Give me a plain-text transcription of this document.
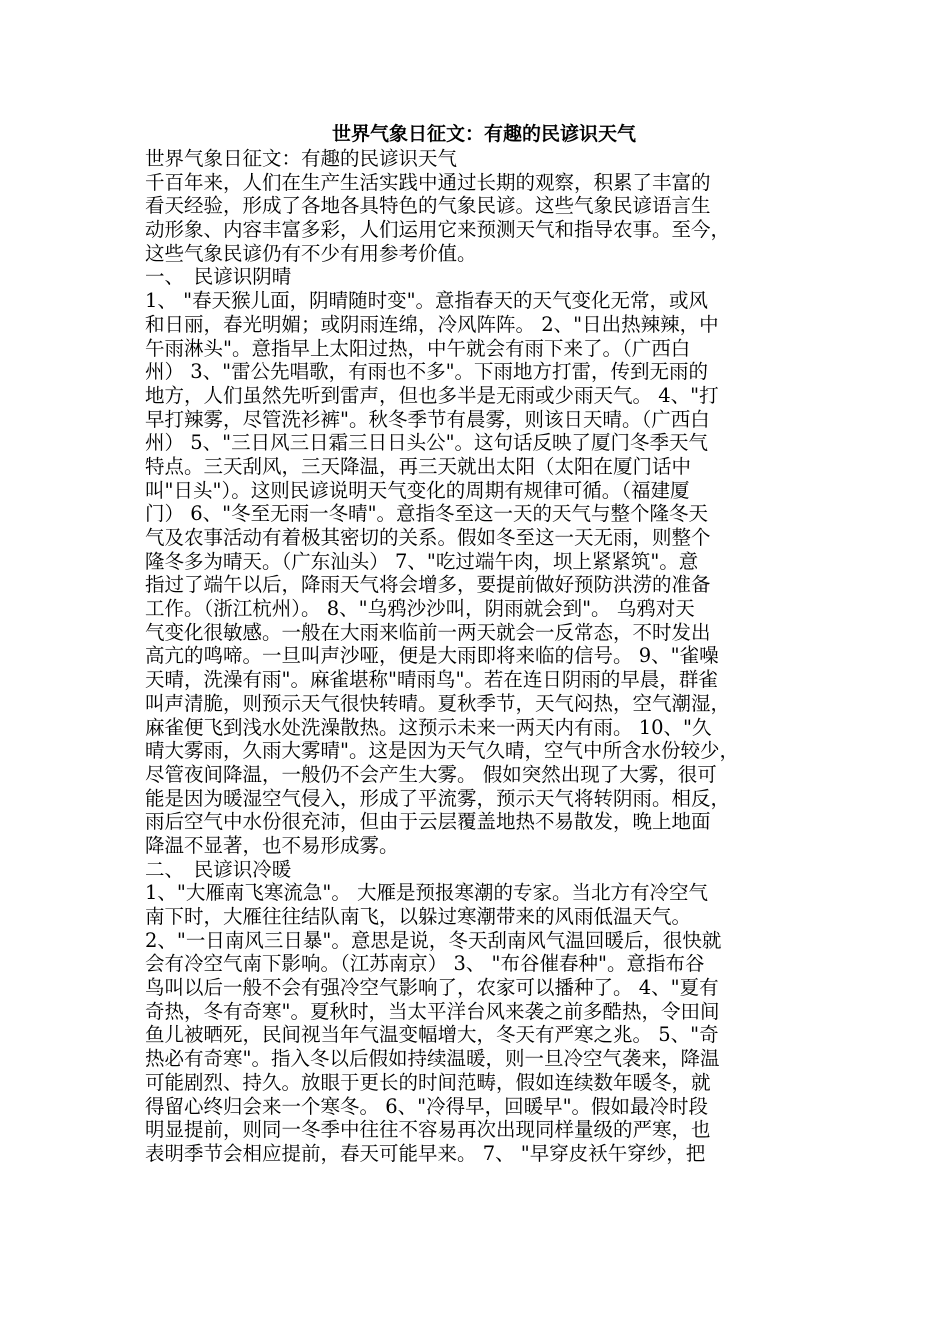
世界气象日征文：有趣的民谚识天气

世界气象日征文：有趣的民谚识天气

千百年来，人们在生产生活实践中通过长期的观察，积累了丰富的

看天经验，形成了各地各具特色的气象民谚。这些气象民谚语言生

动形象、内容丰富多彩，人们运用它来预测天气和指导农事。至今，

这些气象民谚仍有不少有用参考价值。

一、　民谚识阴晴

1、 "春天猴儿面，阴晴随时变"。意指春天的天气变化无常，或风

和日丽，春光明媚；或阴雨连绵，冷风阵阵。 2、"日出热辣辣，中

午雨淋头"。意指早上太阳过热，中午就会有雨下来了。（广西白

州） 3、"雷公先唱歌，有雨也不多"。下雨地方打雷，传到无雨的

地方，人们虽然先听到雷声，但也多半是无雨或少雨天气。 4、"打

早打辣雾，尽管洗衫裤"。秋冬季节有晨雾，则该日天晴。（广西白

州） 5、"三日风三日霜三日日头公"。这句话反映了厦门冬季天气

特点。三天刮风，三天降温，再三天就出太阳（太阳在厦门话中

叫"日头"）。这则民谚说明天气变化的周期有规律可循。（福建厦

门） 6、"冬至无雨一冬晴"。意指冬至这一天的天气与整个隆冬天

气及农事活动有着极其密切的关系。假如冬至这一天无雨，则整个

隆冬多为晴天。（广东汕头） 7、"吃过端午肉，坝上紧紧筑"。意

指过了端午以后，降雨天气将会增多，要提前做好预防洪涝的准备

工作。（浙江杭州）。 8、"乌鸦沙沙叫，阴雨就会到"。 乌鸦对天

气变化很敏感。一般在大雨来临前一两天就会一反常态，不时发出

高亢的鸣啼。一旦叫声沙哑，便是大雨即将来临的信号。 9、"雀噪

天晴，洗澡有雨"。麻雀堪称"晴雨鸟"。若在连日阴雨的早晨，群雀

叫声清脆，则预示天气很快转晴。夏秋季节，天气闷热，空气潮湿，

麻雀便飞到浅水处洗澡散热。这预示未来一两天内有雨。 10、"久

晴大雾雨，久雨大雾晴"。这是因为天气久晴，空气中所含水份较少，

尽管夜间降温，一般仍不会产生大雾。 假如突然出现了大雾，很可

能是因为暖湿空气侵入，形成了平流雾，预示天气将转阴雨。相反，

雨后空气中水份很充沛，但由于云层覆盖地热不易散发，晚上地面

降温不显著，也不易形成雾。

二、　民谚识冷暖

1、"大雁南飞寒流急"。 大雁是预报寒潮的专家。当北方有冷空气

南下时，大雁往往结队南飞，以躲过寒潮带来的风雨低温天气。

2、"一日南风三日暴"。意思是说，冬天刮南风气温回暖后，很快就

会有冷空气南下影响。（江苏南京） 3、 "布谷催春种"。意指布谷

鸟叫以后一般不会有强冷空气影响了，农家可以播种了。 4、"夏有

奇热，冬有奇寒"。夏秋时，当太平洋台风来袭之前多酷热，令田间

鱼儿被晒死，民间视当年气温变幅增大，冬天有严寒之兆。 5、"奇

热必有奇寒"。指入冬以后假如持续温暖，则一旦冷空气袭来，降温

可能剧烈、持久。放眼于更长的时间范畴，假如连续数年暖冬，就

得留心终归会来一个寒冬。 6、"冷得早，回暖早"。假如最冷时段

明显提前，则同一冬季中往往不容易再次出现同样量级的严寒，也

表明季节会相应提前，春天可能早来。 7、 "早穿皮袄午穿纱，把
